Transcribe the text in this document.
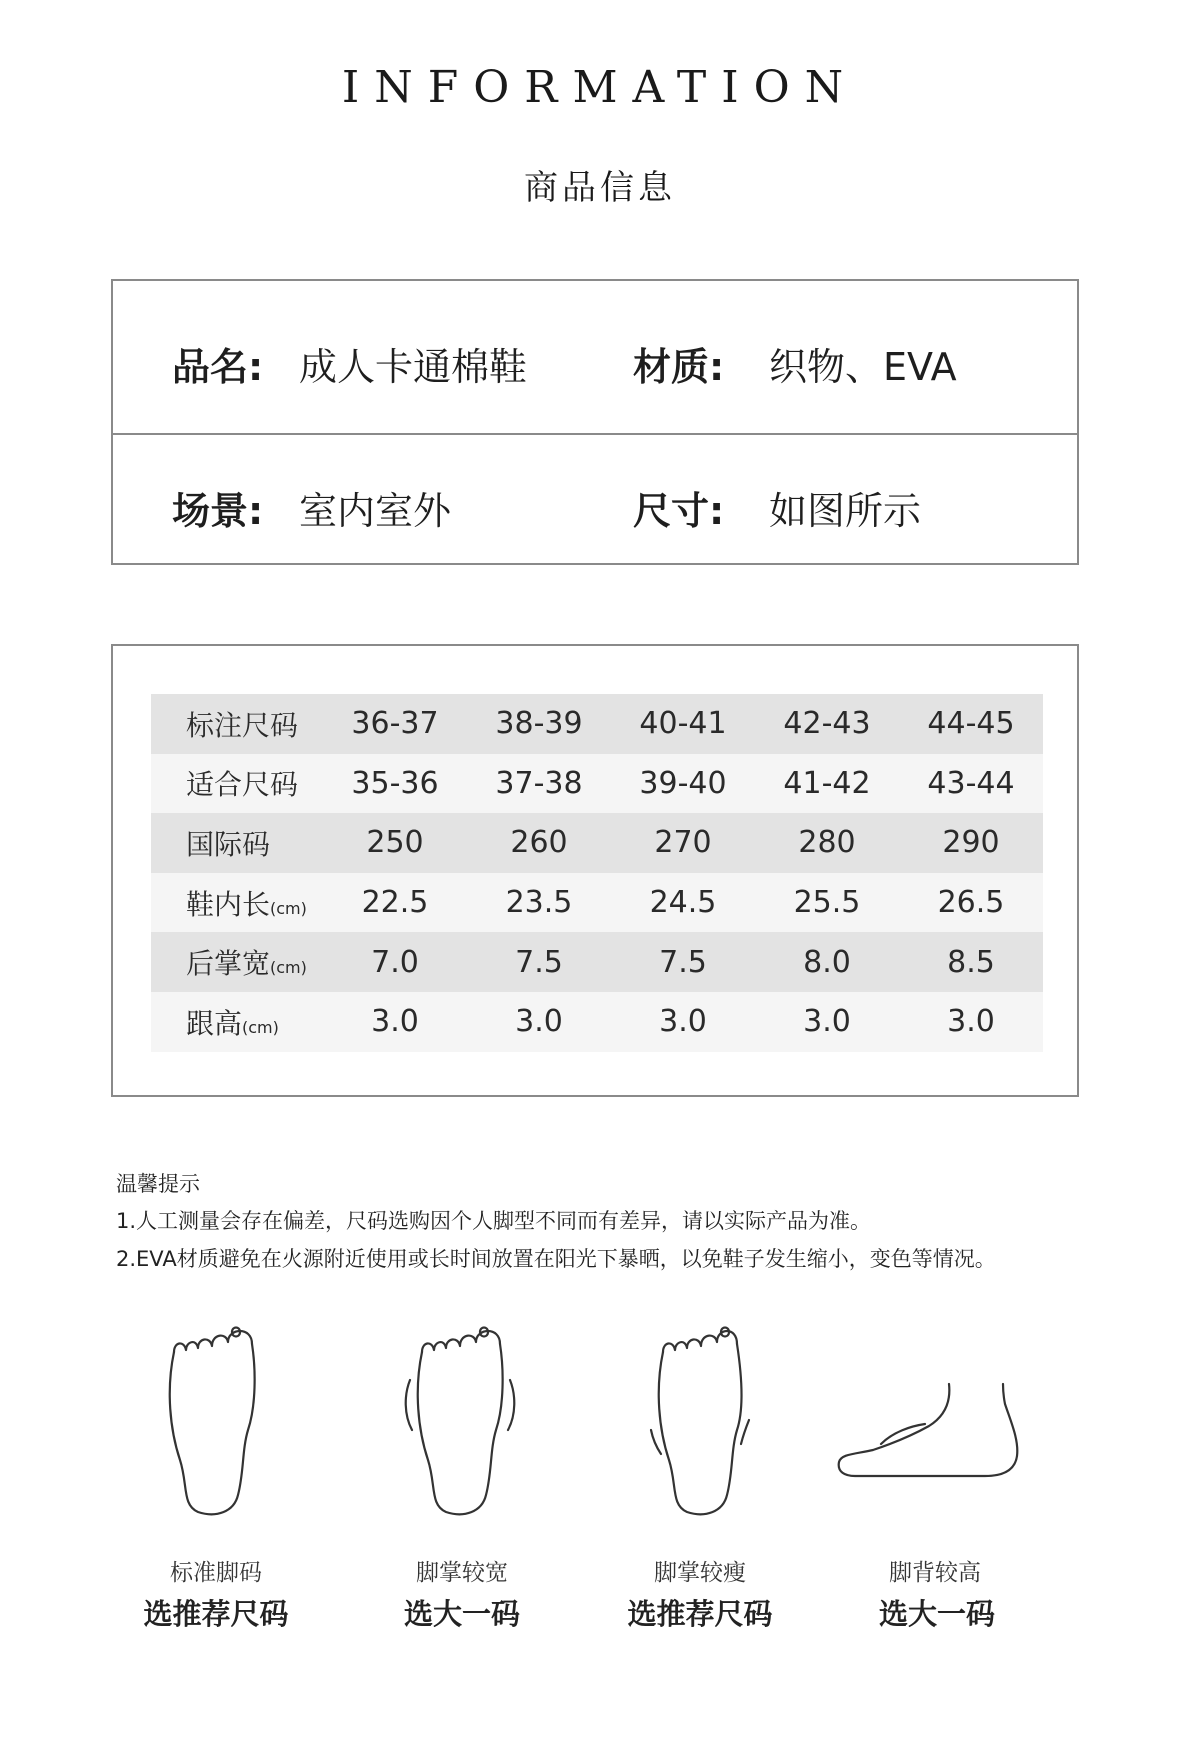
INFORMATION
商品信息
品名: 成人卡通棉鞋	材质: 织物、EVA
场景: 室内室外	尺寸: 如图所示
标注尺码	36-37	38-39	40-41	42-43	44-45
适合尺码	35-36	37-38	39-40	41-42	43-44
国际码	250	260	270	280	290
鞋内长(cm)	22.5	23.5	24.5	25.5	26.5
后掌宽(cm)	7.0	7.5	7.5	8.0	8.5
跟高(cm)	3.0	3.0	3.0	3.0	3.0
温馨提示
1.人工测量会存在偏差，尺码选购因个人脚型不同而有差异，请以实际产品为准。
2.EVA材质避免在火源附近使用或长时间放置在阳光下暴晒，以免鞋子发生缩小，变色等情况。
标准脚码
选推荐尺码
脚掌较宽
选大一码
脚掌较瘦
选推荐尺码
脚背较高
选大一码
